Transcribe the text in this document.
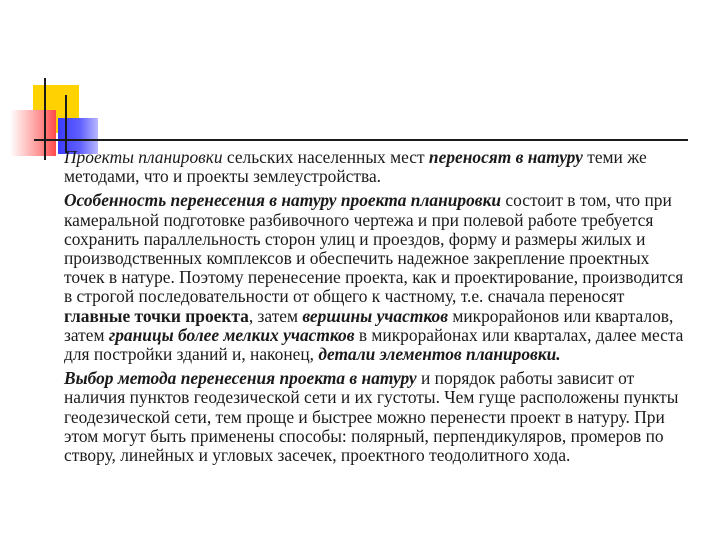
Проекты планировки сельских населенных мест переносят в натуру теми же методами, что и проекты землеустройства.

Особенность перенесения в натуру проекта планировки состоит в том, что при камеральной подготовке разбивочного чертежа и при полевой работе требуется сохранить параллельность сторон улиц и проездов, форму и размеры жилых и производственных комплексов и обеспечить надежное закрепление проектных точек в натуре. Поэтому перенесение проекта, как и проектирование, производится в строгой последовательности от общего к частному, т.е. сначала переносят главные точки проекта, затем вершины участков микрорайонов или кварталов, затем границы более мелких участков в микрорайонах или кварталах, далее места для постройки зданий и, наконец, детали элементов планировки.

Выбор метода перенесения проекта в натуру и порядок работы зависит от наличия пунктов геодезической сети и их густоты. Чем гуще расположены пункты геодезической сети, тем проще и быстрее можно перенести проект в натуру. При этом могут быть применены способы: полярный, перпендикуляров, промеров по створу, линейных и угловых засечек, проектного теодолитного хода.
